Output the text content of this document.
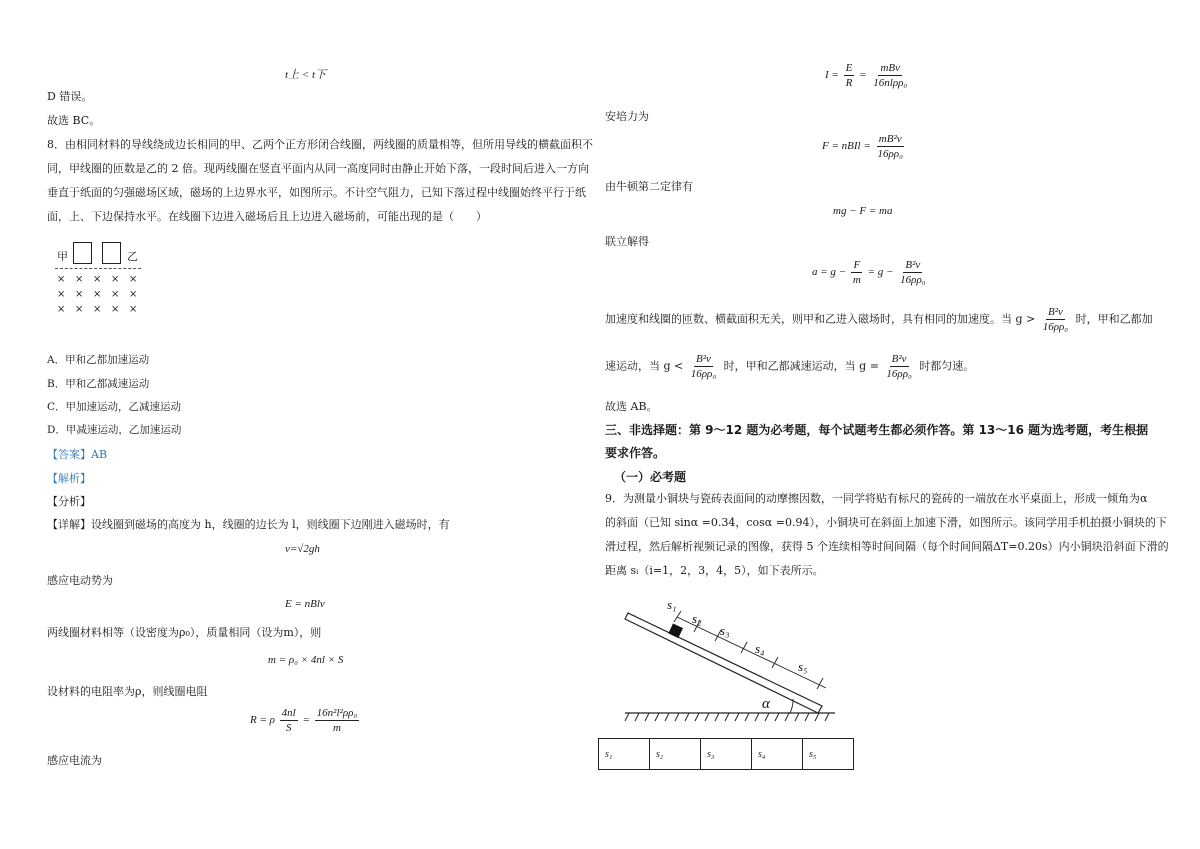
t上 < t下
D 错误。
故选 BC。
8．由相同材料的导线绕成边长相同的甲、乙两个正方形闭合线圈，两线圈的质量相等，但所用导线的横截面积不
同，甲线圈的匝数是乙的 2 倍。现两线圈在竖直平面内从同一高度同时由静止开始下落，一段时间后进入一方向
垂直于纸面的匀强磁场区域，磁场的上边界水平，如图所示。不计空气阻力，已知下落过程中线圈始终平行于纸
面，上、下边保持水平。在线圈下边进入磁场后且上边进入磁场前，可能出现的是（　　）
甲	乙
× × × × ×
× × × × ×
× × × × ×
A．甲和乙都加速运动
B．甲和乙都减速运动
C．甲加速运动，乙减速运动
D．甲减速运动，乙加速运动
【答案】AB
【解析】
【分析】
【详解】设线圈到磁场的高度为 h，线圈的边长为 l，则线圈下边刚进入磁场时，有
v=√2gh
感应电动势为
E = nBlv
两线圈材料相等（设密度为ρ₀），质量相同（设为m），则
m = ρ₀ × 4nl × S
设材料的电阻率为ρ，则线圈电阻
R = ρ $\frac{4nl}{S} = \frac{\text{16n²l²ρρ₀}}{m}$
感应电流为
$I = \frac{E}{R} = \frac{\text{mBv}}{\text{16nlρρ₀}}$
安培力为
F = nBIl = $\frac{\text{mB²v}}{\text{16ρρ₀}}$
由牛顿第二定律有
mg − F = ma
联立解得
$a = g - \frac{F}{m} = g - \frac{\text{B²v}}{\text{16ρρ₀}}$
加速度和线圈的匝数、横截面积无关，则甲和乙进入磁场时，具有相同的加速度。当 $g > \frac{\text{B²v}}{\text{16ρρ₀}}$ 时，甲和乙都加
速运动，当 $g < \frac{\text{B²v}}{\text{16ρρ₀}}$ 时，甲和乙都减速运动，当 $g = \frac{\text{B²v}}{\text{16ρρ₀}}$ 时都匀速。
故选 AB。
三、非选择题：第 9～12 题为必考题，每个试题考生都必须作答。第 13～16 题为选考题，考生根据
要求作答。
（一）必考题
9．为测量小铜块与瓷砖表面间的动摩擦因数，一同学将贴有标尺的瓷砖的一端放在水平桌面上，形成一倾角为α
的斜面（已知 sinα =0.34，cosα =0.94），小铜块可在斜面上加速下滑，如图所示。该同学用手机拍摄小铜块的下
滑过程，然后解析视频记录的图像，获得 5 个连续相等时间间隔（每个时间间隔ΔT=0.20s）内小铜块沿斜面下滑的
距离 sᵢ（i=1，2，3，4，5），如下表所示。
s₁
s₂
s₃
s₄
s₅
α
s₁	s₂	s₃	s₄	s₅
